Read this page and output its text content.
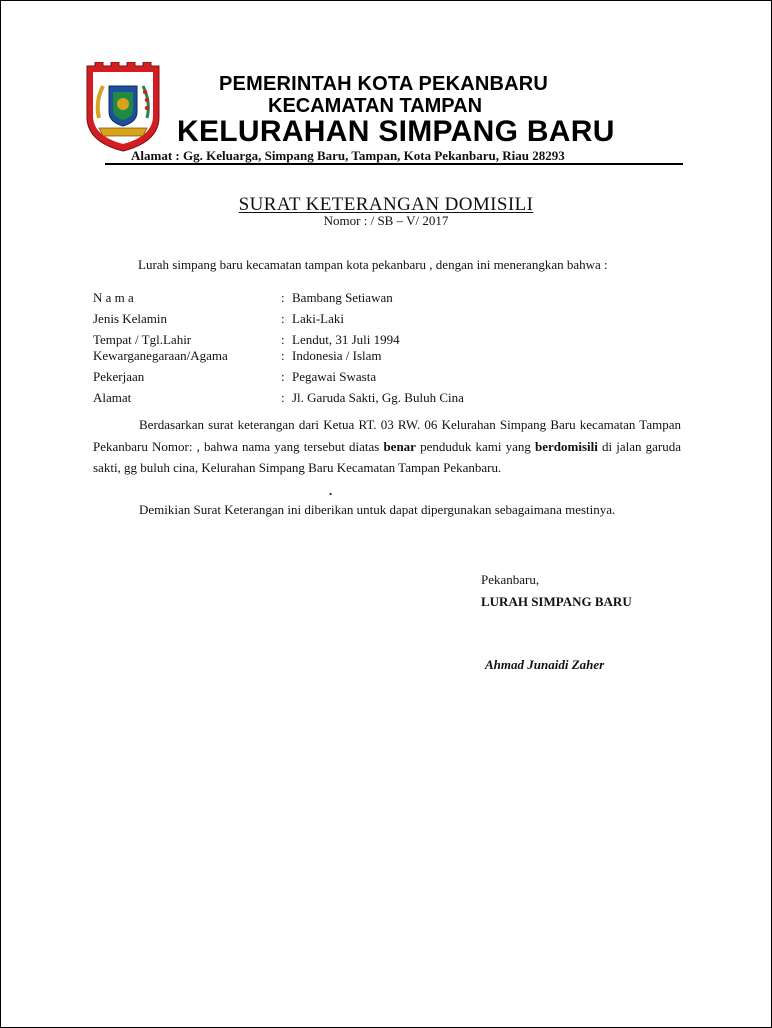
PEMERINTAH KOTA PEKANBARU
KECAMATAN TAMPAN
KELURAHAN SIMPANG BARU
Alamat : Gg. Keluarga, Simpang Baru, Tampan, Kota Pekanbaru, Riau 28293
SURAT KETERANGAN DOMISILI
Nomor : / SB – V/ 2017
Lurah simpang baru kecamatan tampan kota pekanbaru , dengan ini menerangkan bahwa :
N a m a	: Bambang Setiawan
Jenis Kelamin	: Laki-Laki
Tempat / Tgl.Lahir	: Lendut, 31 Juli 1994
Kewarganegaraan/Agama	: Indonesia / Islam
Pekerjaan	: Pegawai Swasta
Alamat	: Jl. Garuda Sakti, Gg. Buluh Cina
Berdasarkan surat keterangan dari Ketua RT. 03 RW. 06 Kelurahan Simpang Baru kecamatan Tampan Pekanbaru Nomor: , bahwa nama yang tersebut diatas benar penduduk kami yang berdomisili di jalan garuda sakti, gg buluh cina, Kelurahan Simpang Baru Kecamatan Tampan Pekanbaru.
.
Demikian Surat Keterangan ini diberikan untuk dapat dipergunakan sebagaimana mestinya.
Pekanbaru,
LURAH SIMPANG BARU
Ahmad Junaidi Zaher
